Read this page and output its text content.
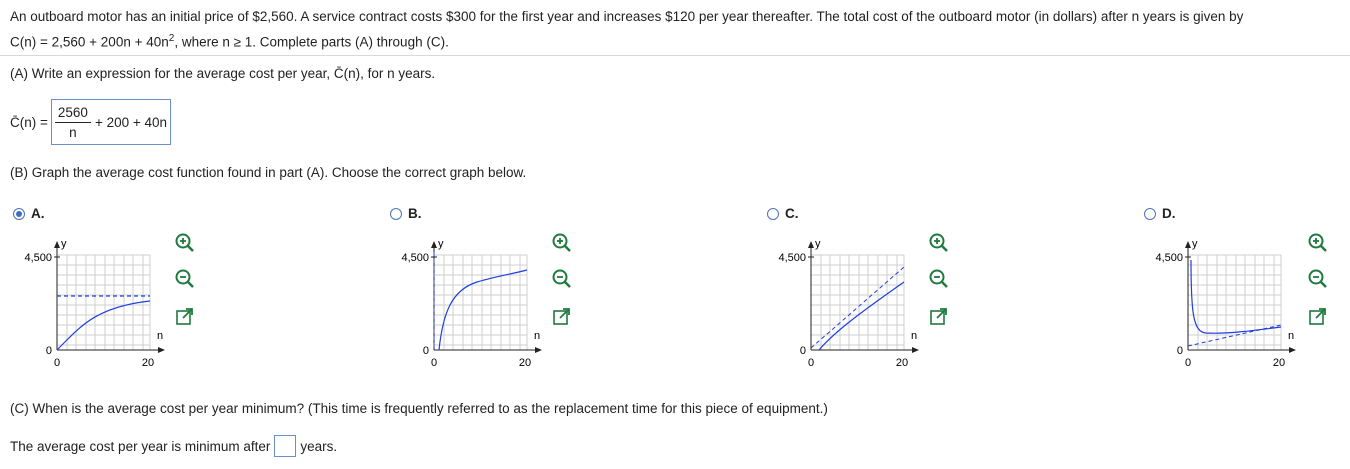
An outboard motor has an initial price of $2,560. A service contract costs $300 for the first year and increases $120 per year thereafter. The total cost of the outboard motor (in dollars) after n years is given by
$C(n) = 2,560 + 200n + 40n^2$, where n ≥ 1. Complete parts (A) through (C).
(A) Write an expression for the average cost per year, C̄(n), for n years.
C̄(n) = $\frac{2560}{n} + 200 + 40n$
(B) Graph the average cost function found in part (A). Choose the correct graph below.
A.	B.	C.	D.
4,500
y
n
0
0	20
4,500
y
n
0
0	20
4,500
y
n
0
0	20
4,500
y
n
0
0	20
(C) When is the average cost per year minimum? (This time is frequently referred to as the replacement time for this piece of equipment.)
The average cost per year is minimum after years.
